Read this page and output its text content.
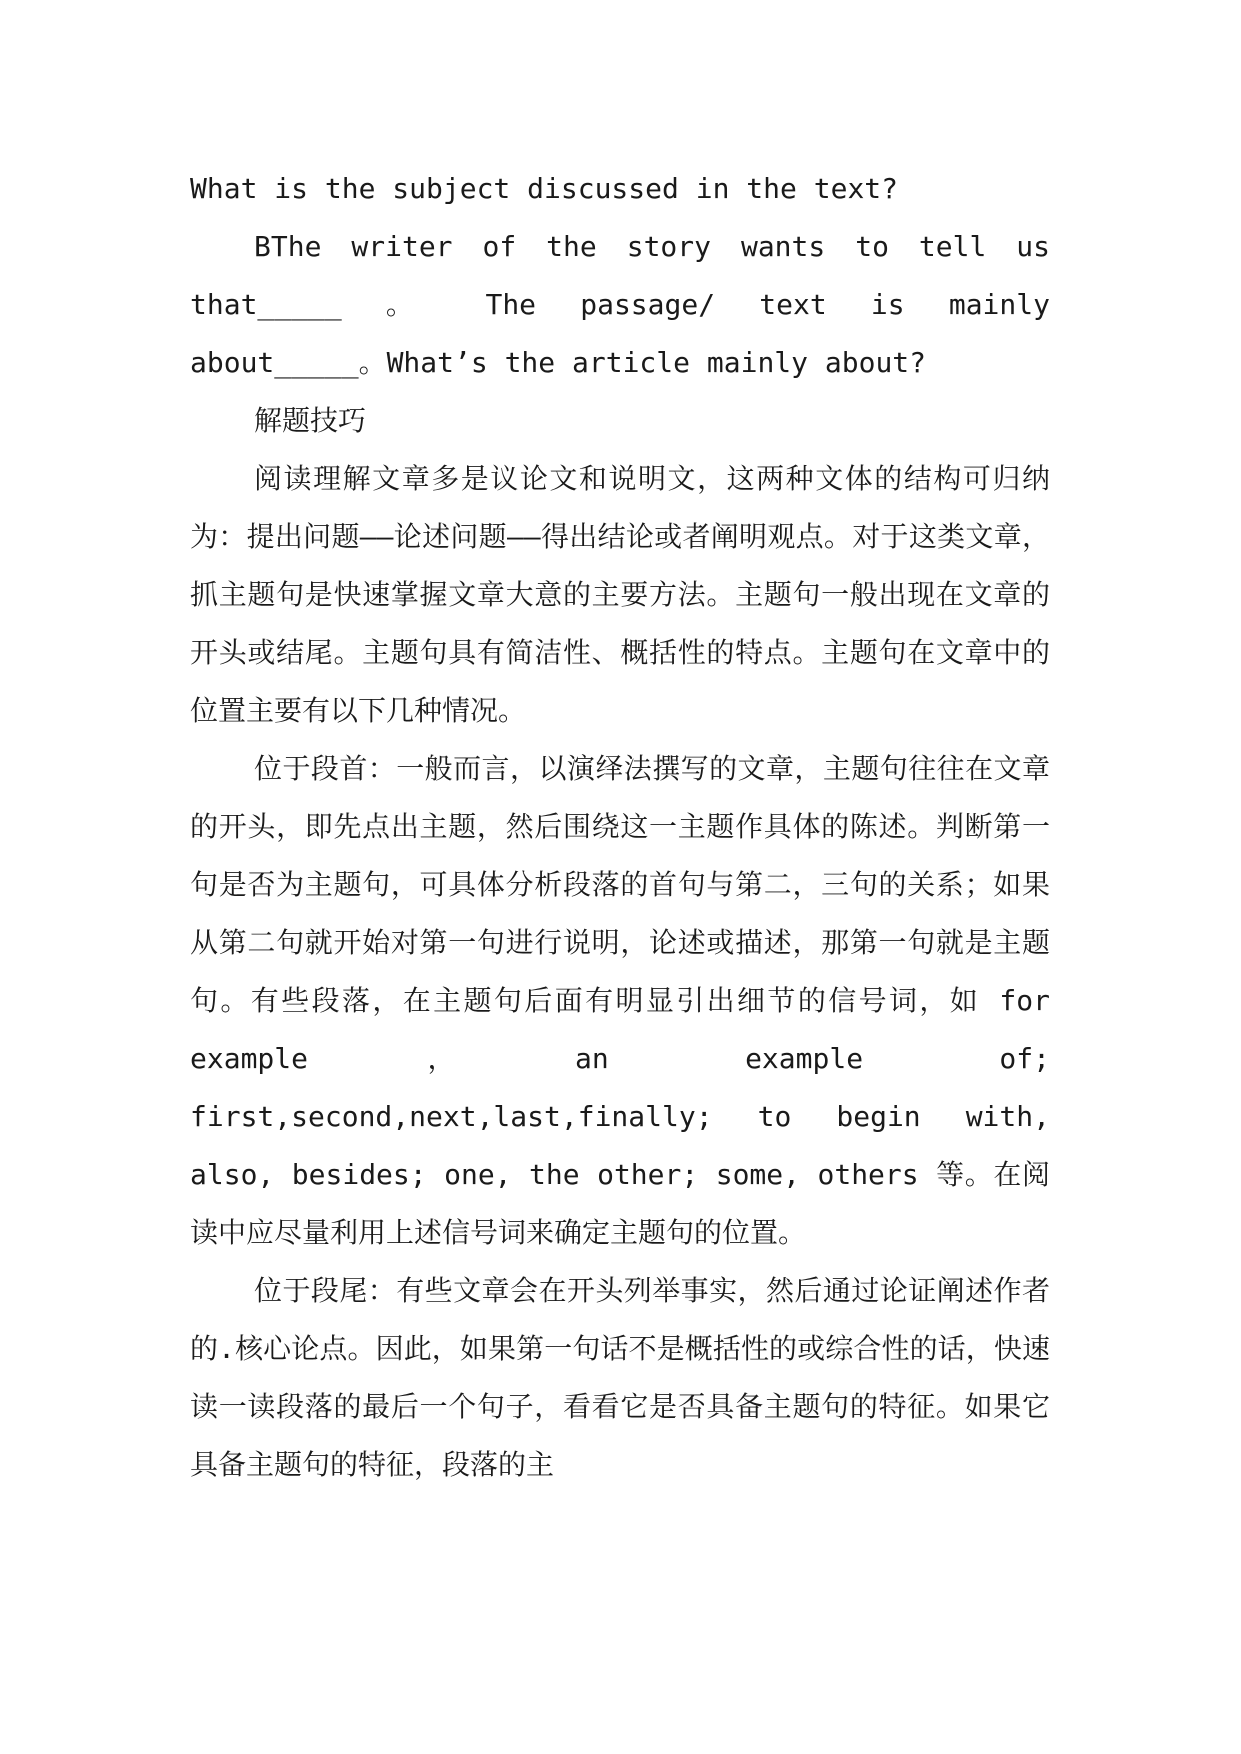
What is the subject discussed in the text?

BThe writer of the story wants to tell us that_____ 。 The passage/ text is mainly about_____。What’s the article mainly about?

解题技巧

阅读理解文章多是议论文和说明文，这两种文体的结构可归纳为：提出问题——论述问题——得出结论或者阐明观点。对于这类文章，抓主题句是快速掌握文章大意的主要方法。主题句一般出现在文章的开头或结尾。主题句具有简洁性、概括性的特点。主题句在文章中的位置主要有以下几种情况。

位于段首：一般而言，以演绎法撰写的文章，主题句往往在文章的开头，即先点出主题，然后围绕这一主题作具体的陈述。判断第一句是否为主题句，可具体分析段落的首句与第二，三句的关系；如果从第二句就开始对第一句进行说明，论述或描述，那第一句就是主题句。有些段落，在主题句后面有明显引出细节的信号词，如 for example，an example of; first,second,next,last,finally; to begin with, also, besides; one, the other; some, others 等。在阅读中应尽量利用上述信号词来确定主题句的位置。

位于段尾：有些文章会在开头列举事实，然后通过论证阐述作者的.核心论点。因此，如果第一句话不是概括性的或综合性的话，快速读一读段落的最后一个句子，看看它是否具备主题句的特征。如果它具备主题句的特征，段落的主
